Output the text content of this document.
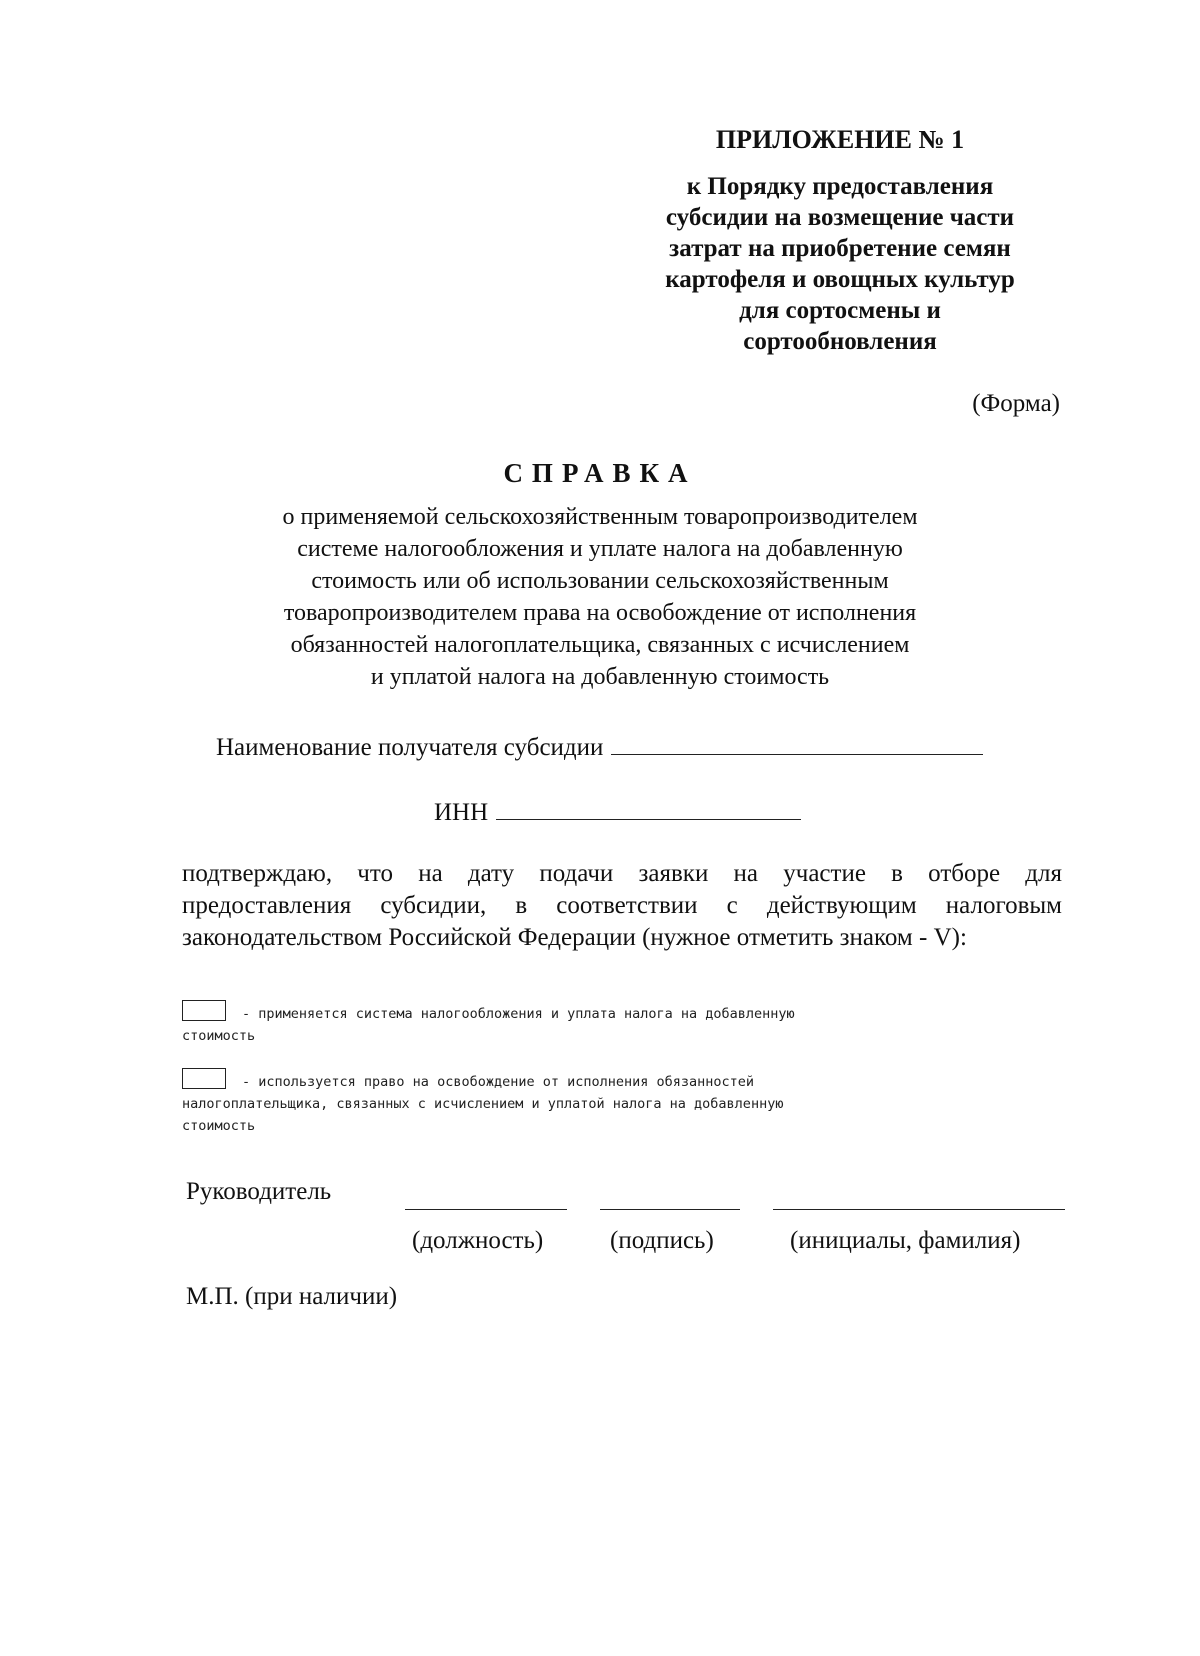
ПРИЛОЖЕНИЕ № 1
к Порядку предоставления
субсидии на возмещение части
затрат на приобретение семян
картофеля и овощных культур
для сортосмены и
сортообновления
(Форма)
СПРАВКА
о применяемой сельскохозяйственным товаропроизводителем
системе налогообложения и уплате налога на добавленную
стоимость или об использовании сельскохозяйственным
товаропроизводителем права на освобождение от исполнения
обязанностей налогоплательщика, связанных с исчислением
и уплатой налога на добавленную стоимость
Наименование получателя субсидии
ИНН
подтверждаю, что на дату подачи заявки на участие в отборе для
предоставления субсидии, в соответствии с действующим налоговым
законодательством Российской Федерации (нужное отметить знаком - V):
- применяется система налогообложения и уплата налога на добавленную
стоимость
- используется право на освобождение от исполнения обязанностей
налогоплательщика, связанных с исчислением и уплатой налога на добавленную
стоимость
Руководитель
(должность)	(подпись)	(инициалы, фамилия)
М.П. (при наличии)
